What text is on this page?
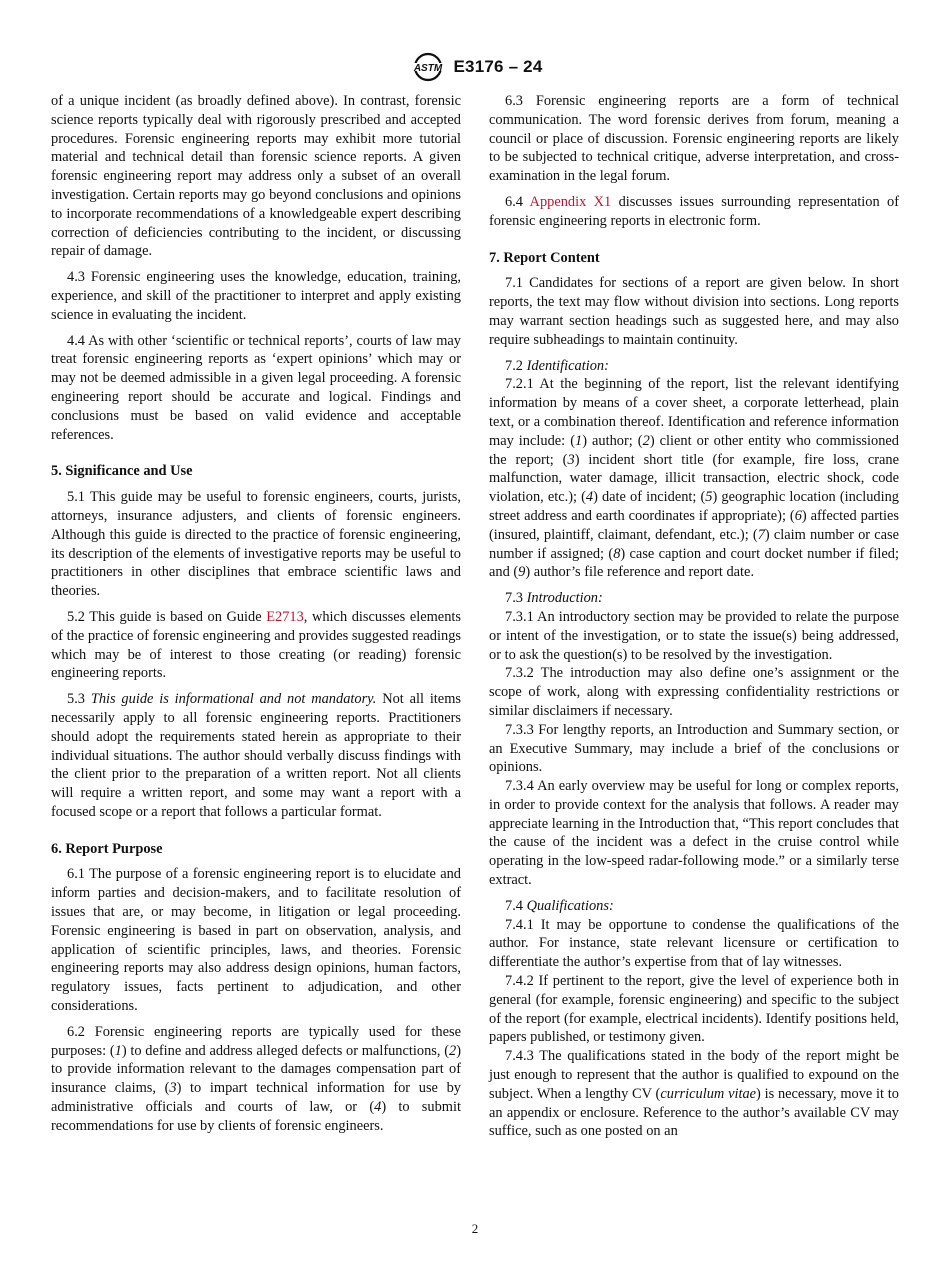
ASTM E3176 – 24

of a unique incident (as broadly defined above). In contrast, forensic science reports typically deal with rigorously prescribed and accepted procedures. Forensic engineering reports may exhibit more tutorial material and technical detail than forensic science reports. A given forensic engineering report may address only a subset of an overall investigation. Certain reports may go beyond conclusions and opinions to incorporate recommendations of a knowledgeable expert describing correction of deficiencies contributing to the incident, or discussing repair of damage.

4.3 Forensic engineering uses the knowledge, education, training, experience, and skill of the practitioner to interpret and apply existing science in evaluating the incident.

4.4 As with other ‘scientific or technical reports’, courts of law may treat forensic engineering reports as ‘expert opinions’ which may or may not be deemed admissible in a given legal proceeding. A forensic engineering report should be accurate and logical. Findings and conclusions must be based on valid evidence and acceptable references.

5. Significance and Use

5.1 This guide may be useful to forensic engineers, courts, jurists, attorneys, insurance adjusters, and clients of forensic engineers. Although this guide is directed to the practice of forensic engineering, its description of the elements of investigative reports may be useful to practitioners in other disciplines that embrace scientific laws and theories.

5.2 This guide is based on Guide E2713, which discusses elements of the practice of forensic engineering and provides suggested readings which may be of interest to those creating (or reading) forensic engineering reports.

5.3 This guide is informational and not mandatory. Not all items necessarily apply to all forensic engineering reports. Practitioners should adopt the requirements stated herein as appropriate to their individual situations. The author should verbally discuss findings with the client prior to the preparation of a written report. Not all clients will require a written report, and some may want a report with a focused scope or a report that follows a particular format.

6. Report Purpose

6.1 The purpose of a forensic engineering report is to elucidate and inform parties and decision-makers, and to facilitate resolution of issues that are, or may become, in litigation or legal proceeding. Forensic engineering is based in part on observation, analysis, and application of scientific principles, laws, and theories. Forensic engineering reports may also address design opinions, human factors, regulatory issues, facts pertinent to adjudication, and other considerations.

6.2 Forensic engineering reports are typically used for these purposes: (1) to define and address alleged defects or malfunctions, (2) to provide information relevant to the damages compensation part of insurance claims, (3) to impart technical information for use by administrative officials and courts of law, or (4) to submit recommendations for use by clients of forensic engineers.

6.3 Forensic engineering reports are a form of technical communication. The word forensic derives from forum, meaning a council or place of discussion. Forensic engineering reports are likely to be subjected to technical critique, adverse interpretation, and cross-examination in the legal forum.

6.4 Appendix X1 discusses issues surrounding representation of forensic engineering reports in electronic form.

7. Report Content

7.1 Candidates for sections of a report are given below. In short reports, the text may flow without division into sections. Long reports may warrant section headings such as suggested here, and may also require subheadings to maintain continuity.

7.2 Identification:

7.2.1 At the beginning of the report, list the relevant identifying information by means of a cover sheet, a corporate letterhead, plain text, or a combination thereof. Identification and reference information may include: (1) author; (2) client or other entity who commissioned the report; (3) incident short title (for example, fire loss, crane malfunction, water damage, illicit transaction, electric shock, code violation, etc.); (4) date of incident; (5) geographic location (including street address and earth coordinates if appropriate); (6) affected parties (insured, plaintiff, claimant, defendant, etc.); (7) claim number or case number if assigned; (8) case caption and court docket number if filed; and (9) author’s file reference and report date.

7.3 Introduction:

7.3.1 An introductory section may be provided to relate the purpose or intent of the investigation, or to state the issue(s) being addressed, or to ask the question(s) to be resolved by the investigation.

7.3.2 The introduction may also define one’s assignment or the scope of work, along with expressing confidentiality restrictions or similar disclaimers if necessary.

7.3.3 For lengthy reports, an Introduction and Summary section, or an Executive Summary, may include a brief of the conclusions or opinions.

7.3.4 An early overview may be useful for long or complex reports, in order to provide context for the analysis that follows. A reader may appreciate learning in the Introduction that, “This report concludes that the cause of the incident was a defect in the cruise control while operating in the low-speed radar-following mode.” or a similarly terse extract.

7.4 Qualifications:

7.4.1 It may be opportune to condense the qualifications of the author. For instance, state relevant licensure or certification to differentiate the author’s expertise from that of lay witnesses.

7.4.2 If pertinent to the report, give the level of experience both in general (for example, forensic engineering) and specific to the subject of the report (for example, electrical incidents). Identify positions held, papers published, or testimony given.

7.4.3 The qualifications stated in the body of the report might be just enough to represent that the author is qualified to expound on the subject. When a lengthy CV (curriculum vitae) is necessary, move it to an appendix or enclosure. Reference to the author’s available CV may suffice, such as one posted on an

2
